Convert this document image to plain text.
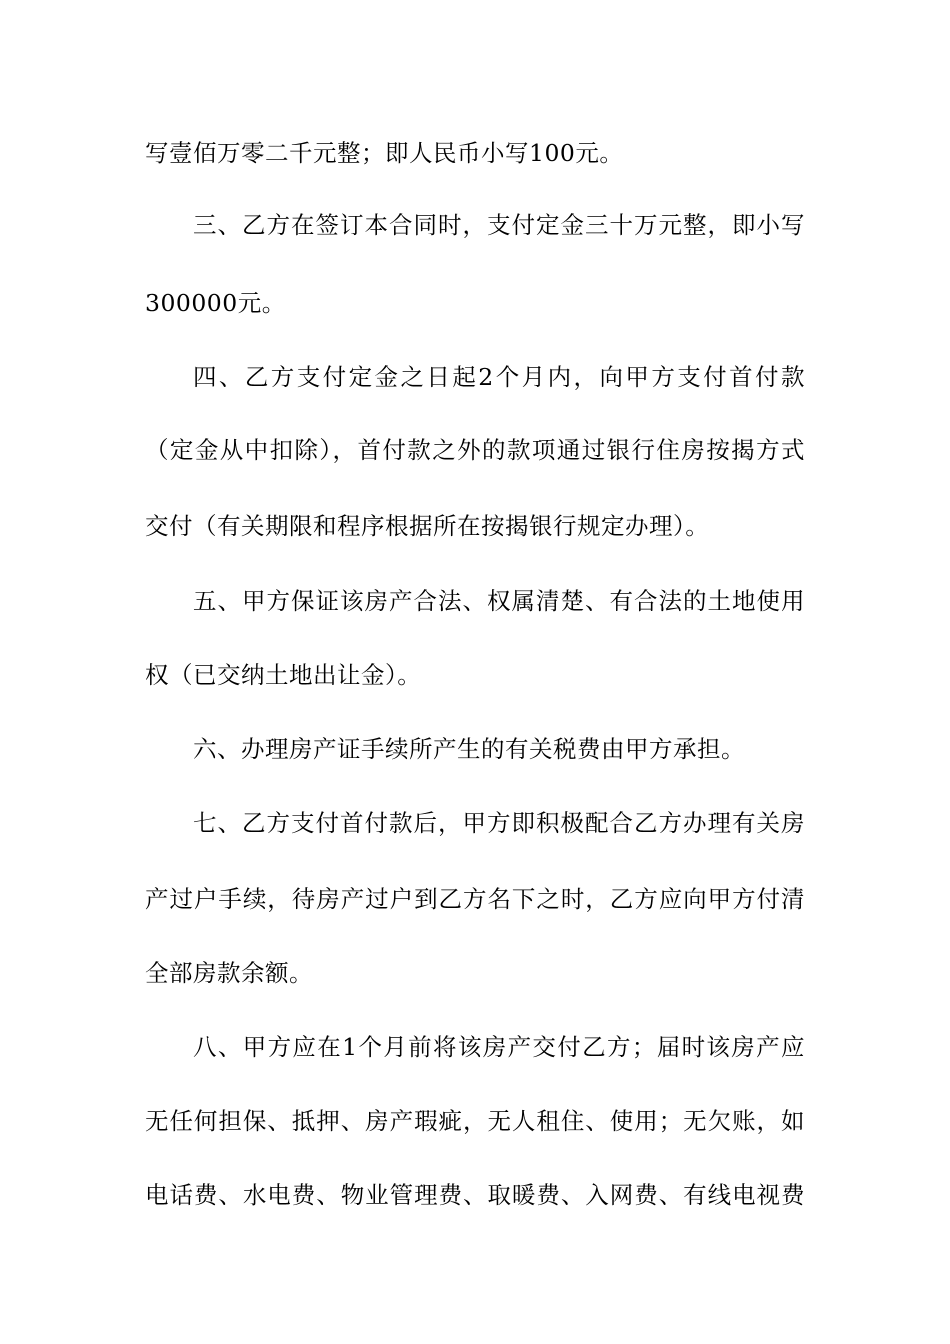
写壹佰万零二千元整；即人民币小写100元。
三、乙方在签订本合同时，支付定金三十万元整，即小写
300000元。
四、乙方支付定金之日起2个月内，向甲方支付首付款
（定金从中扣除），首付款之外的款项通过银行住房按揭方式
交付（有关期限和程序根据所在按揭银行规定办理）。
五、甲方保证该房产合法、权属清楚、有合法的土地使用
权（已交纳土地出让金）。
六、办理房产证手续所产生的有关税费由甲方承担。
七、乙方支付首付款后，甲方即积极配合乙方办理有关房
产过户手续，待房产过户到乙方名下之时，乙方应向甲方付清
全部房款余额。
八、甲方应在1个月前将该房产交付乙方；届时该房产应
无任何担保、抵押、房产瑕疵，无人租住、使用；无欠账，如
电话费、水电费、物业管理费、取暖费、入网费、有线电视费
